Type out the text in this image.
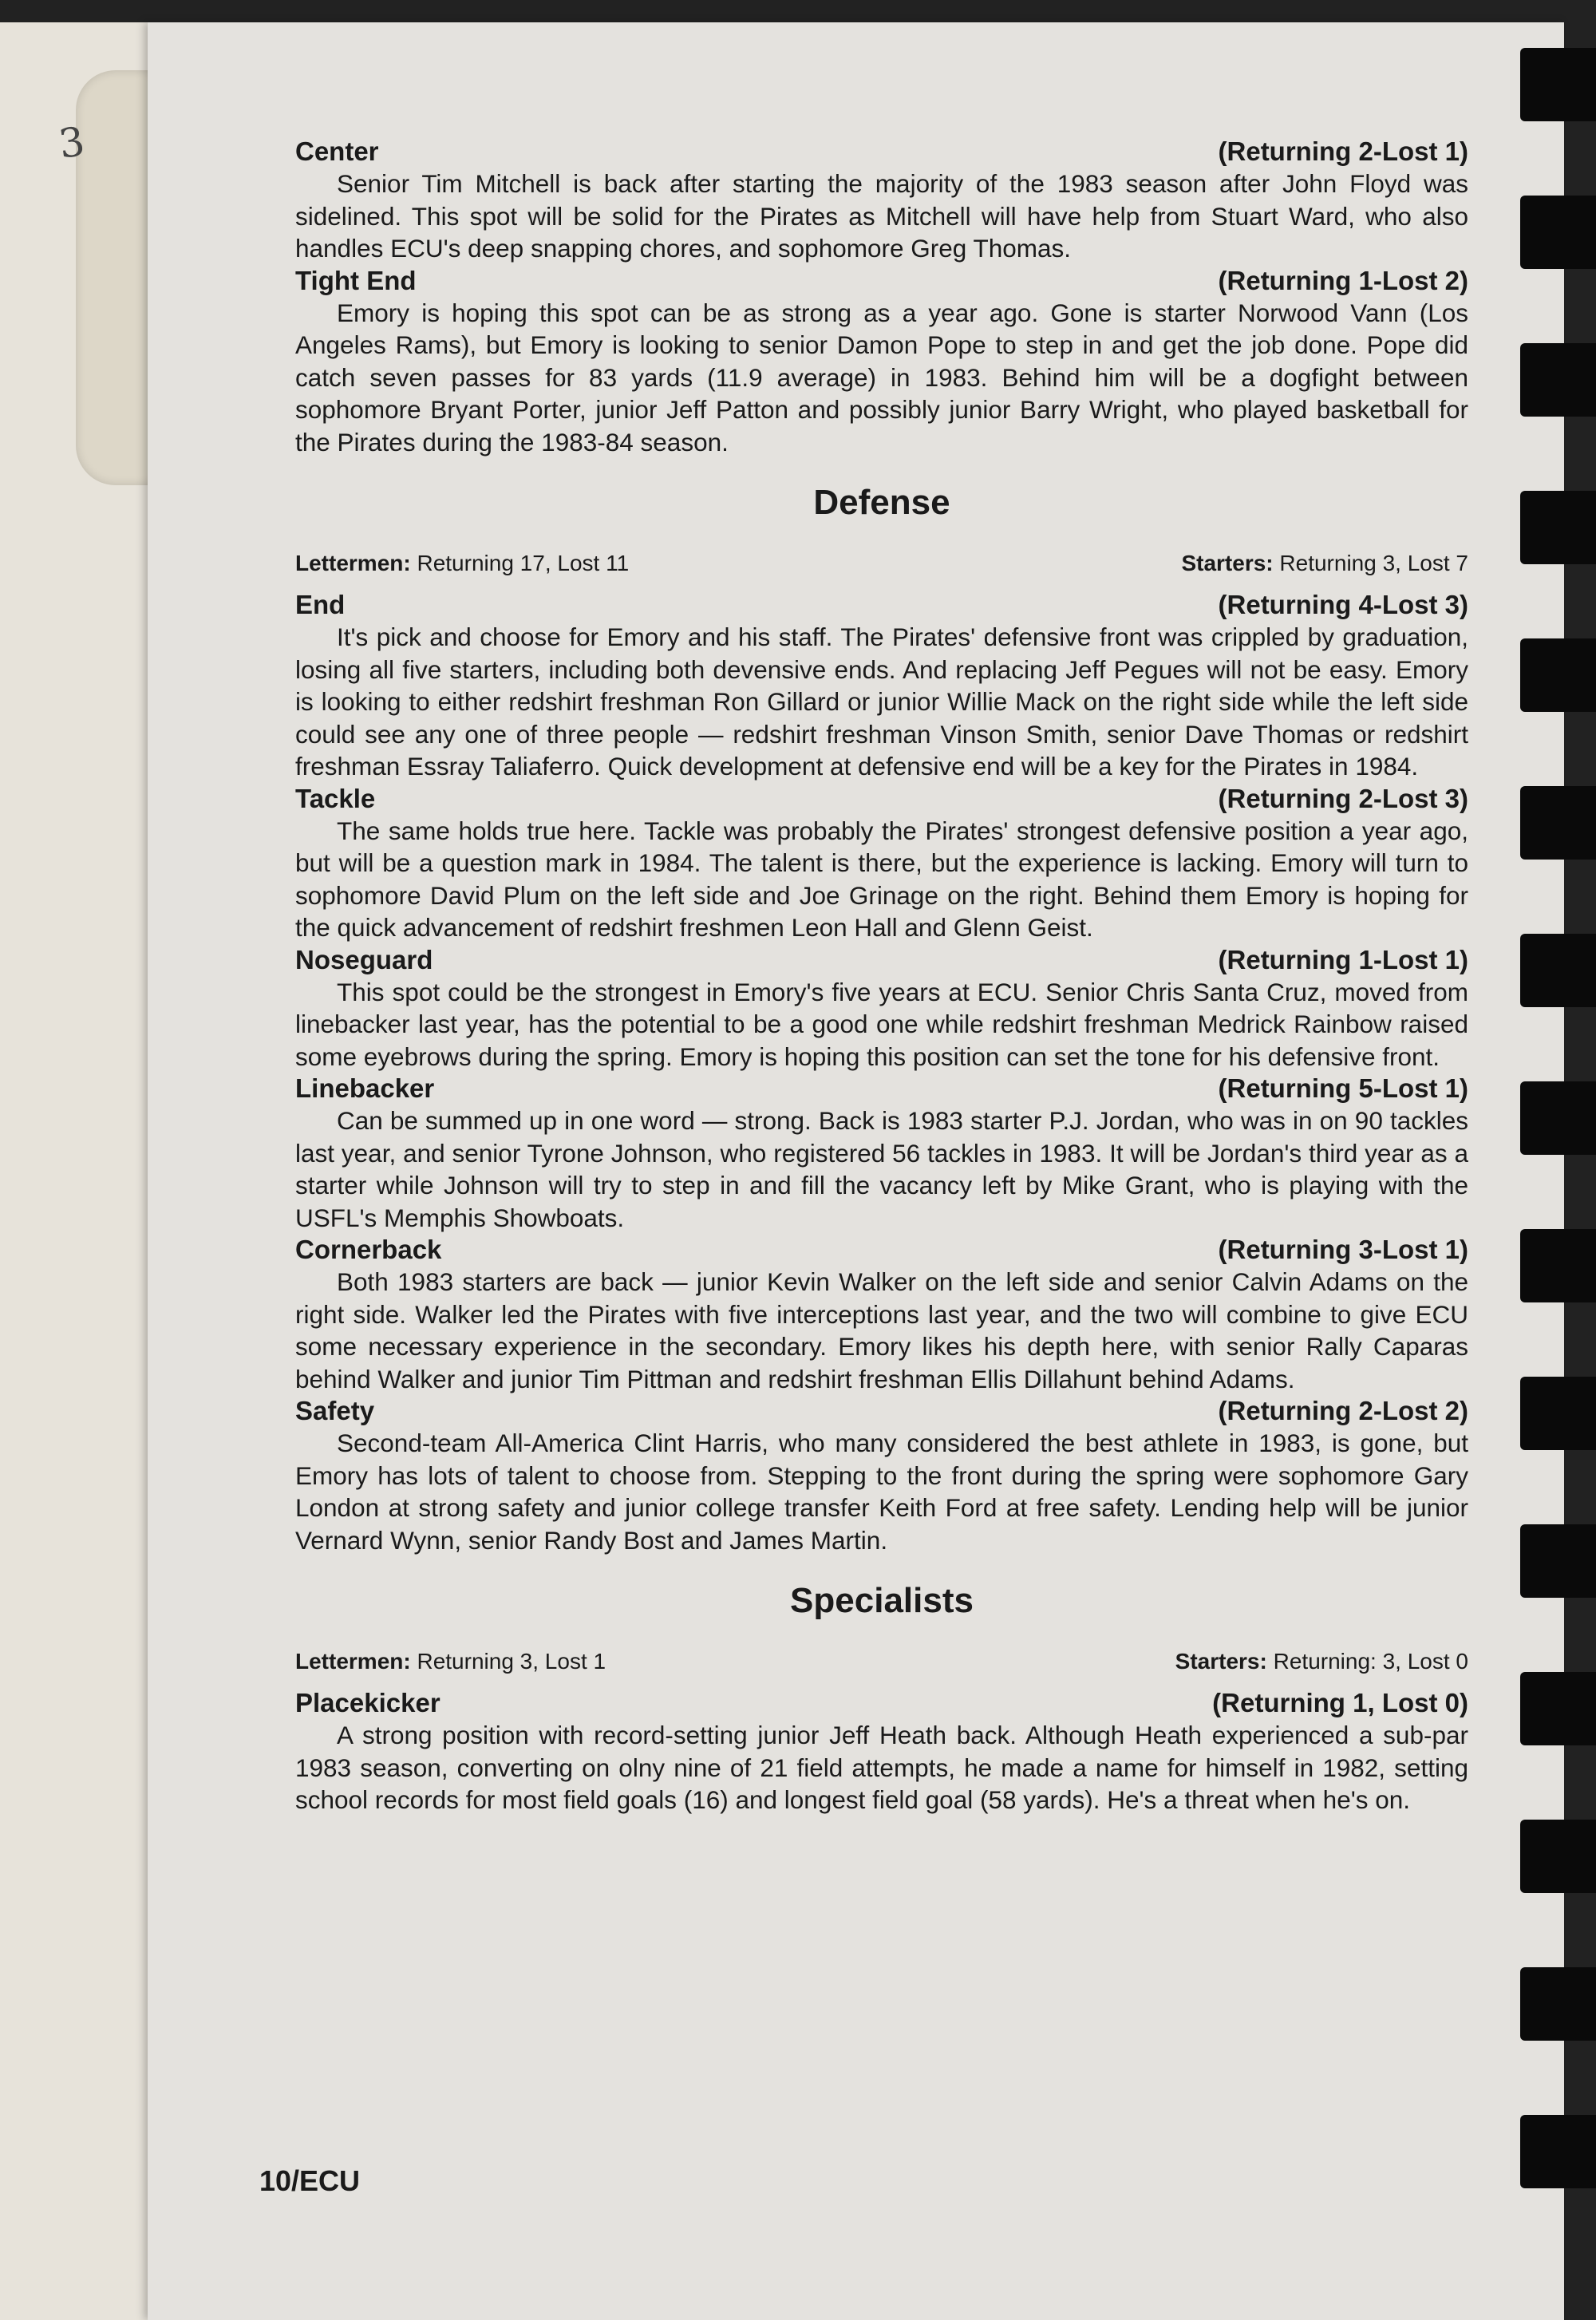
3	Center	(Returning 2-Lost 1)

Senior Tim Mitchell is back after starting the majority of the 1983 season after John Floyd was sidelined. This spot will be solid for the Pirates as Mitchell will have help from Stuart Ward, who also handles ECU's deep snapping chores, and sophomore Greg Thomas.

Tight End	(Returning 1-Lost 2)

Emory is hoping this spot can be as strong as a year ago. Gone is starter Norwood Vann (Los Angeles Rams), but Emory is looking to senior Damon Pope to step in and get the job done. Pope did catch seven passes for 83 yards (11.9 average) in 1983. Behind him will be a dogfight between sophomore Bryant Porter, junior Jeff Patton and possibly junior Barry Wright, who played basketball for the Pirates during the 1983-84 season.

Defense
Lettermen: Returning 17, Lost 11	Starters: Returning 3, Lost 7
End	(Returning 4-Lost 3)

It's pick and choose for Emory and his staff. The Pirates' defensive front was crippled by graduation, losing all five starters, including both devensive ends. And replacing Jeff Pegues will not be easy. Emory is looking to either redshirt freshman Ron Gillard or junior Willie Mack on the right side while the left side could see any one of three people — redshirt freshman Vinson Smith, senior Dave Thomas or redshirt freshman Essray Taliaferro. Quick development at defensive end will be a key for the Pirates in 1984.

Tackle	(Returning 2-Lost 3)

The same holds true here. Tackle was probably the Pirates' strongest defensive position a year ago, but will be a question mark in 1984. The talent is there, but the experience is lacking. Emory will turn to sophomore David Plum on the left side and Joe Grinage on the right. Behind them Emory is hoping for the quick advancement of redshirt freshmen Leon Hall and Glenn Geist.

Noseguard	(Returning 1-Lost 1)

This spot could be the strongest in Emory's five years at ECU. Senior Chris Santa Cruz, moved from linebacker last year, has the potential to be a good one while redshirt freshman Medrick Rainbow raised some eyebrows during the spring. Emory is hoping this position can set the tone for his defensive front.

Linebacker	(Returning 5-Lost 1)

Can be summed up in one word — strong. Back is 1983 starter P.J. Jordan, who was in on 90 tackles last year, and senior Tyrone Johnson, who registered 56 tackles in 1983. It will be Jordan's third year as a starter while Johnson will try to step in and fill the vacancy left by Mike Grant, who is playing with the USFL's Memphis Showboats.

Cornerback	(Returning 3-Lost 1)

Both 1983 starters are back — junior Kevin Walker on the left side and senior Calvin Adams on the right side. Walker led the Pirates with five interceptions last year, and the two will combine to give ECU some necessary experience in the secondary. Emory likes his depth here, with senior Rally Caparas behind Walker and junior Tim Pittman and redshirt freshman Ellis Dillahunt behind Adams.

Safety	(Returning 2-Lost 2)

Second-team All-America Clint Harris, who many considered the best athlete in 1983, is gone, but Emory has lots of talent to choose from. Stepping to the front during the spring were sophomore Gary London at strong safety and junior college transfer Keith Ford at free safety. Lending help will be junior Vernard Wynn, senior Randy Bost and James Martin.

Specialists
Lettermen: Returning 3, Lost 1	Starters: Returning: 3, Lost 0
Placekicker	(Returning 1, Lost 0)

A strong position with record-setting junior Jeff Heath back. Although Heath experienced a sub-par 1983 season, converting on olny nine of 21 field attempts, he made a name for himself in 1982, setting school records for most field goals (16) and longest field goal (58 yards). He's a threat when he's on.

10/ECU
